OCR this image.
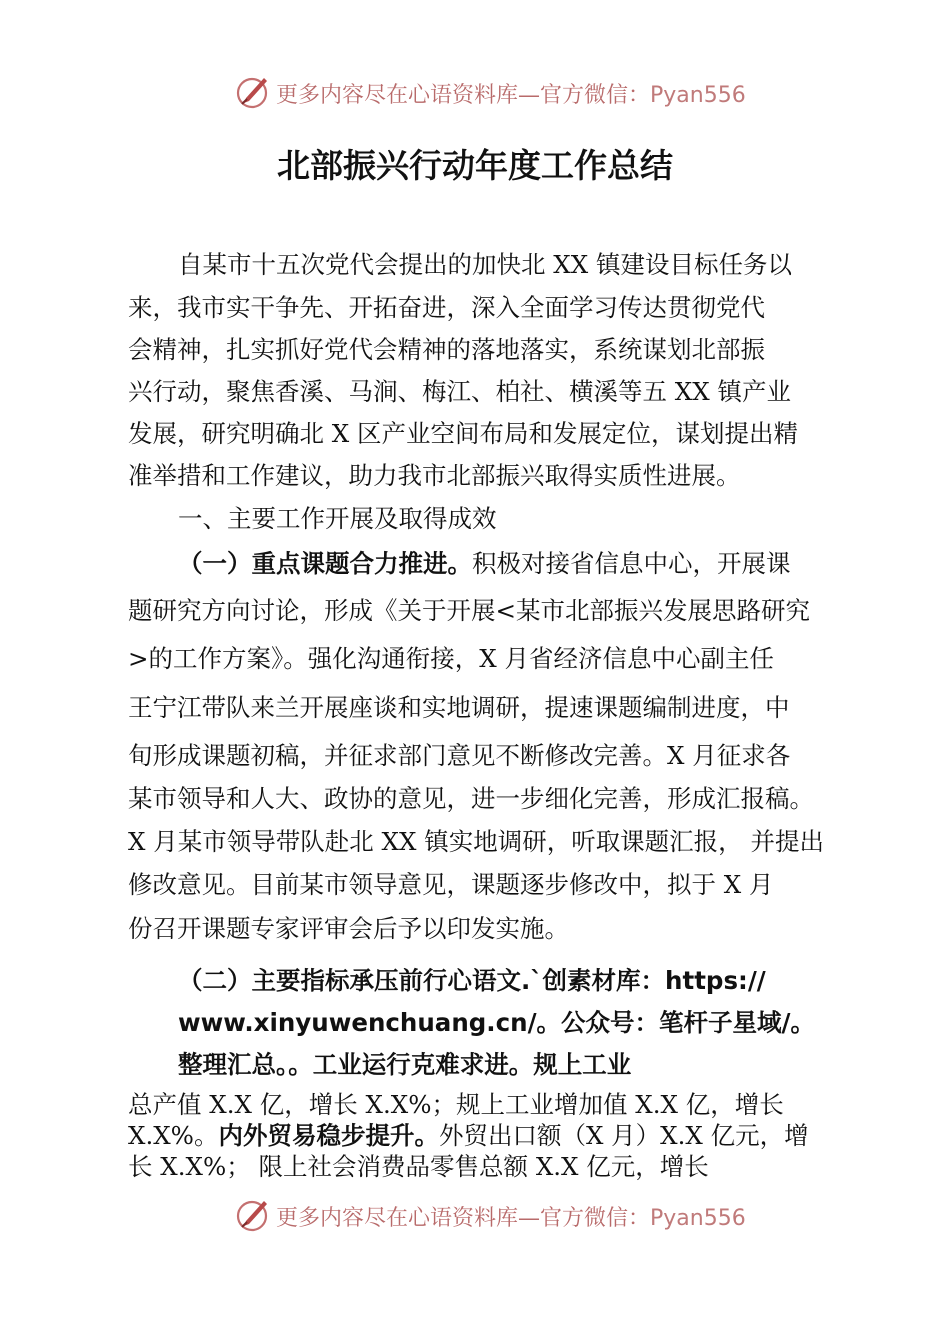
更多内容尽在心语资料库—官方微信：Pyan556
北部振兴行动年度工作总结
自某市十五次党代会提出的加快北 XX 镇建设目标任务以
来，我市实干争先、开拓奋进，深入全面学习传达贯彻党代
会精神，扎实抓好党代会精神的落地落实，系统谋划北部振
兴行动，聚焦香溪、马涧、梅江、柏社、横溪等五 XX 镇产业
发展，研究明确北 X 区产业空间布局和发展定位，谋划提出精
准举措和工作建议，助力我市北部振兴取得实质性进展。
一、主要工作开展及取得成效
（一）重点课题合力推进。积极对接省信息中心，开展课
题研究方向讨论，形成《关于开展<某市北部振兴发展思路研究
>的工作方案》。强化沟通衔接，X 月省经济信息中心副主任
王宁江带队来兰开展座谈和实地调研，提速课题编制进度，中
旬形成课题初稿，并征求部门意见不断修改完善。X 月征求各
某市领导和人大、政协的意见，进一步细化完善，形成汇报稿。
X 月某市领导带队赴北 XX 镇实地调研，听取课题汇报， 并提出
修改意见。目前某市领导意见，课题逐步修改中，拟于 X 月
份召开课题专家评审会后予以印发实施。
（二）主要指标承压前行心语文.`创素材库：https://
www.xinyuwenchuang.cn/。公众号：笔杆子星域/。
整理汇总。。工业运行克难求进。规上工业
总产值 X.X 亿，增长 X.X%；规上工业增加值 X.X 亿，增长
X.X%。内外贸易稳步提升。外贸出口额（X 月）X.X 亿元，增
长 X.X%； 限上社会消费品零售总额 X.X 亿元，增长
更多内容尽在心语资料库—官方微信：Pyan556
